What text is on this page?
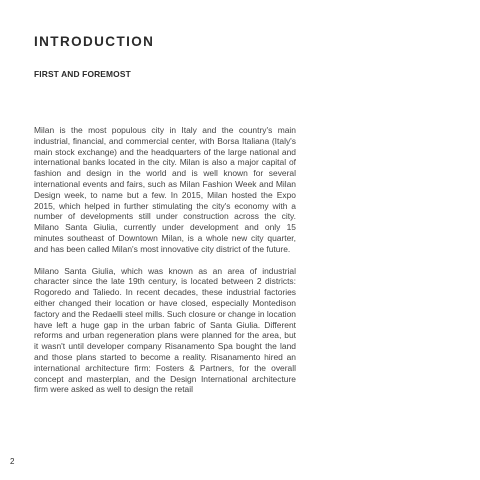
INTRODUCTION
FIRST AND FOREMOST

Milan is the most populous city in Italy and the country's main industrial, financial, and commercial center, with Borsa Italiana (Italy's main stock exchange) and the headquarters of the large national and international banks located in the city. Milan is also a major capital of fashion and design in the world and is well known for several international events and fairs, such as Milan Fashion Week and Milan Design week, to name but a few. In 2015, Milan hosted the Expo 2015, which helped in further stimulating the city's economy with a number of developments still under construction across the city. Milano Santa Giulia, currently under development and only 15 minutes southeast of Downtown Milan, is a whole new city quarter, and has been called Milan's most innovative city district of the future.

Milano Santa Giulia, which was known as an area of industrial character since the late 19th century, is located between 2 districts: Rogoredo and Taliedo. In recent decades, these industrial factories either changed their location or have closed, especially Montedison factory and the Redaelli steel mills. Such closure or change in location have left a huge gap in the urban fabric of Santa Giulia. Different reforms and urban regeneration plans were planned for the area, but it wasn't until developer company Risanamento Spa bought the land and those plans started to become a reality. Risanamento hired an international architecture firm: Fosters & Partners, for the overall concept and masterplan, and the Design International architecture firm were asked as well to design the retail

2
